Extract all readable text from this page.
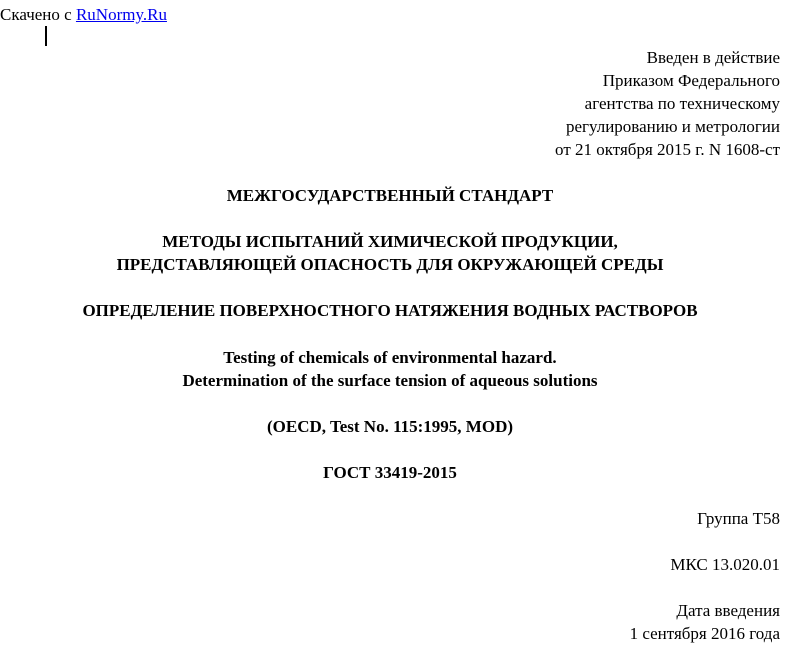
Скачено с RuNormy.Ru
Введен в действие
Приказом Федерального
агентства по техническому
регулированию и метрологии
от 21 октября 2015 г. N 1608-ст
МЕЖГОСУДАРСТВЕННЫЙ СТАНДАРТ
МЕТОДЫ ИСПЫТАНИЙ ХИМИЧЕСКОЙ ПРОДУКЦИИ,
ПРЕДСТАВЛЯЮЩЕЙ ОПАСНОСТЬ ДЛЯ ОКРУЖАЮЩЕЙ СРЕДЫ
ОПРЕДЕЛЕНИЕ ПОВЕРХНОСТНОГО НАТЯЖЕНИЯ ВОДНЫХ РАСТВОРОВ
Testing of chemicals of environmental hazard.
Determination of the surface tension of aqueous solutions
(OECD, Test No. 115:1995, MOD)
ГОСТ 33419-2015
Группа Т58
МКС 13.020.01
Дата введения
1 сентября 2016 года
